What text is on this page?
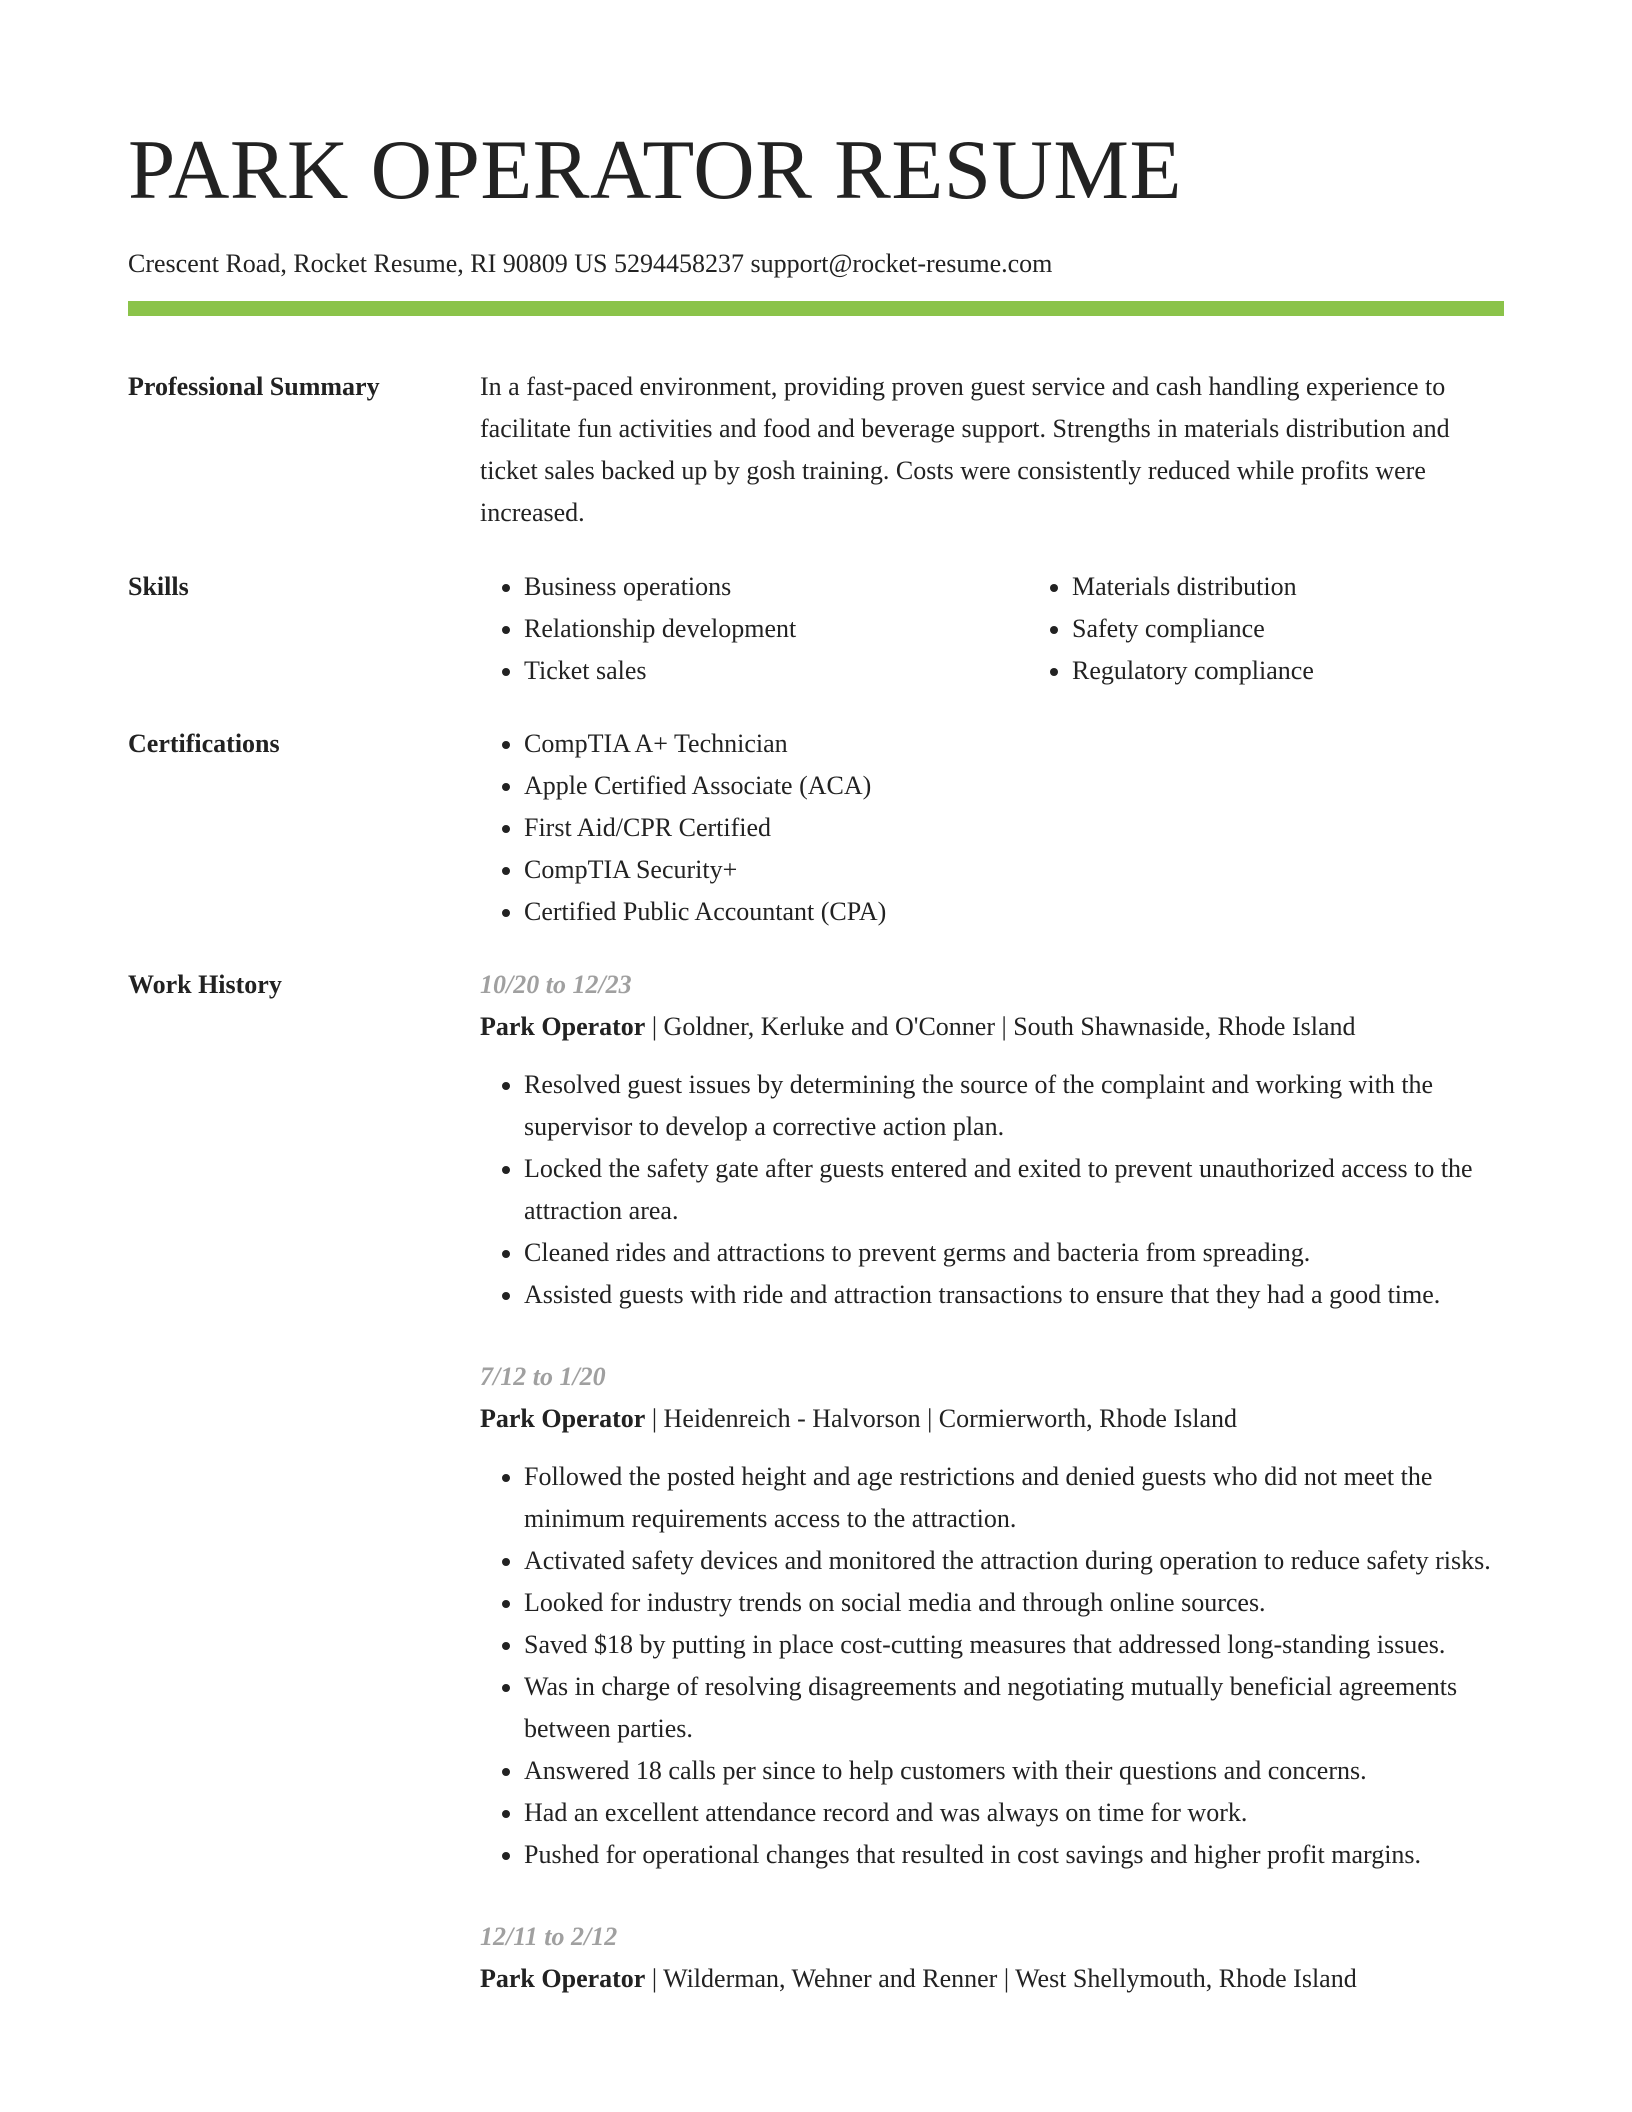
PARK OPERATOR RESUME
Crescent Road, Rocket Resume, RI 90809 US 5294458237 support@rocket-resume.com
Professional Summary	In a fast-paced environment, providing proven guest service and cash handling experience to facilitate fun activities and food and beverage support. Strengths in materials distribution and ticket sales backed up by gosh training. Costs were consistently reduced while profits were increased.
Skills	• Business operations
• Relationship development
• Ticket sales
• Materials distribution
• Safety compliance
• Regulatory compliance
Certifications	• CompTIA A+ Technician
• Apple Certified Associate (ACA)
• First Aid/CPR Certified
• CompTIA Security+
• Certified Public Accountant (CPA)
Work History	10/20 to 12/23
Park Operator | Goldner, Kerluke and O'Conner | South Shawnaside, Rhode Island
• Resolved guest issues by determining the source of the complaint and working with the supervisor to develop a corrective action plan.
• Locked the safety gate after guests entered and exited to prevent unauthorized access to the attraction area.
• Cleaned rides and attractions to prevent germs and bacteria from spreading.
• Assisted guests with ride and attraction transactions to ensure that they had a good time.
7/12 to 1/20
Park Operator | Heidenreich - Halvorson | Cormierworth, Rhode Island
• Followed the posted height and age restrictions and denied guests who did not meet the minimum requirements access to the attraction.
• Activated safety devices and monitored the attraction during operation to reduce safety risks.
• Looked for industry trends on social media and through online sources.
• Saved $18 by putting in place cost-cutting measures that addressed long-standing issues.
• Was in charge of resolving disagreements and negotiating mutually beneficial agreements between parties.
• Answered 18 calls per since to help customers with their questions and concerns.
• Had an excellent attendance record and was always on time for work.
• Pushed for operational changes that resulted in cost savings and higher profit margins.
12/11 to 2/12
Park Operator | Wilderman, Wehner and Renner | West Shellymouth, Rhode Island
